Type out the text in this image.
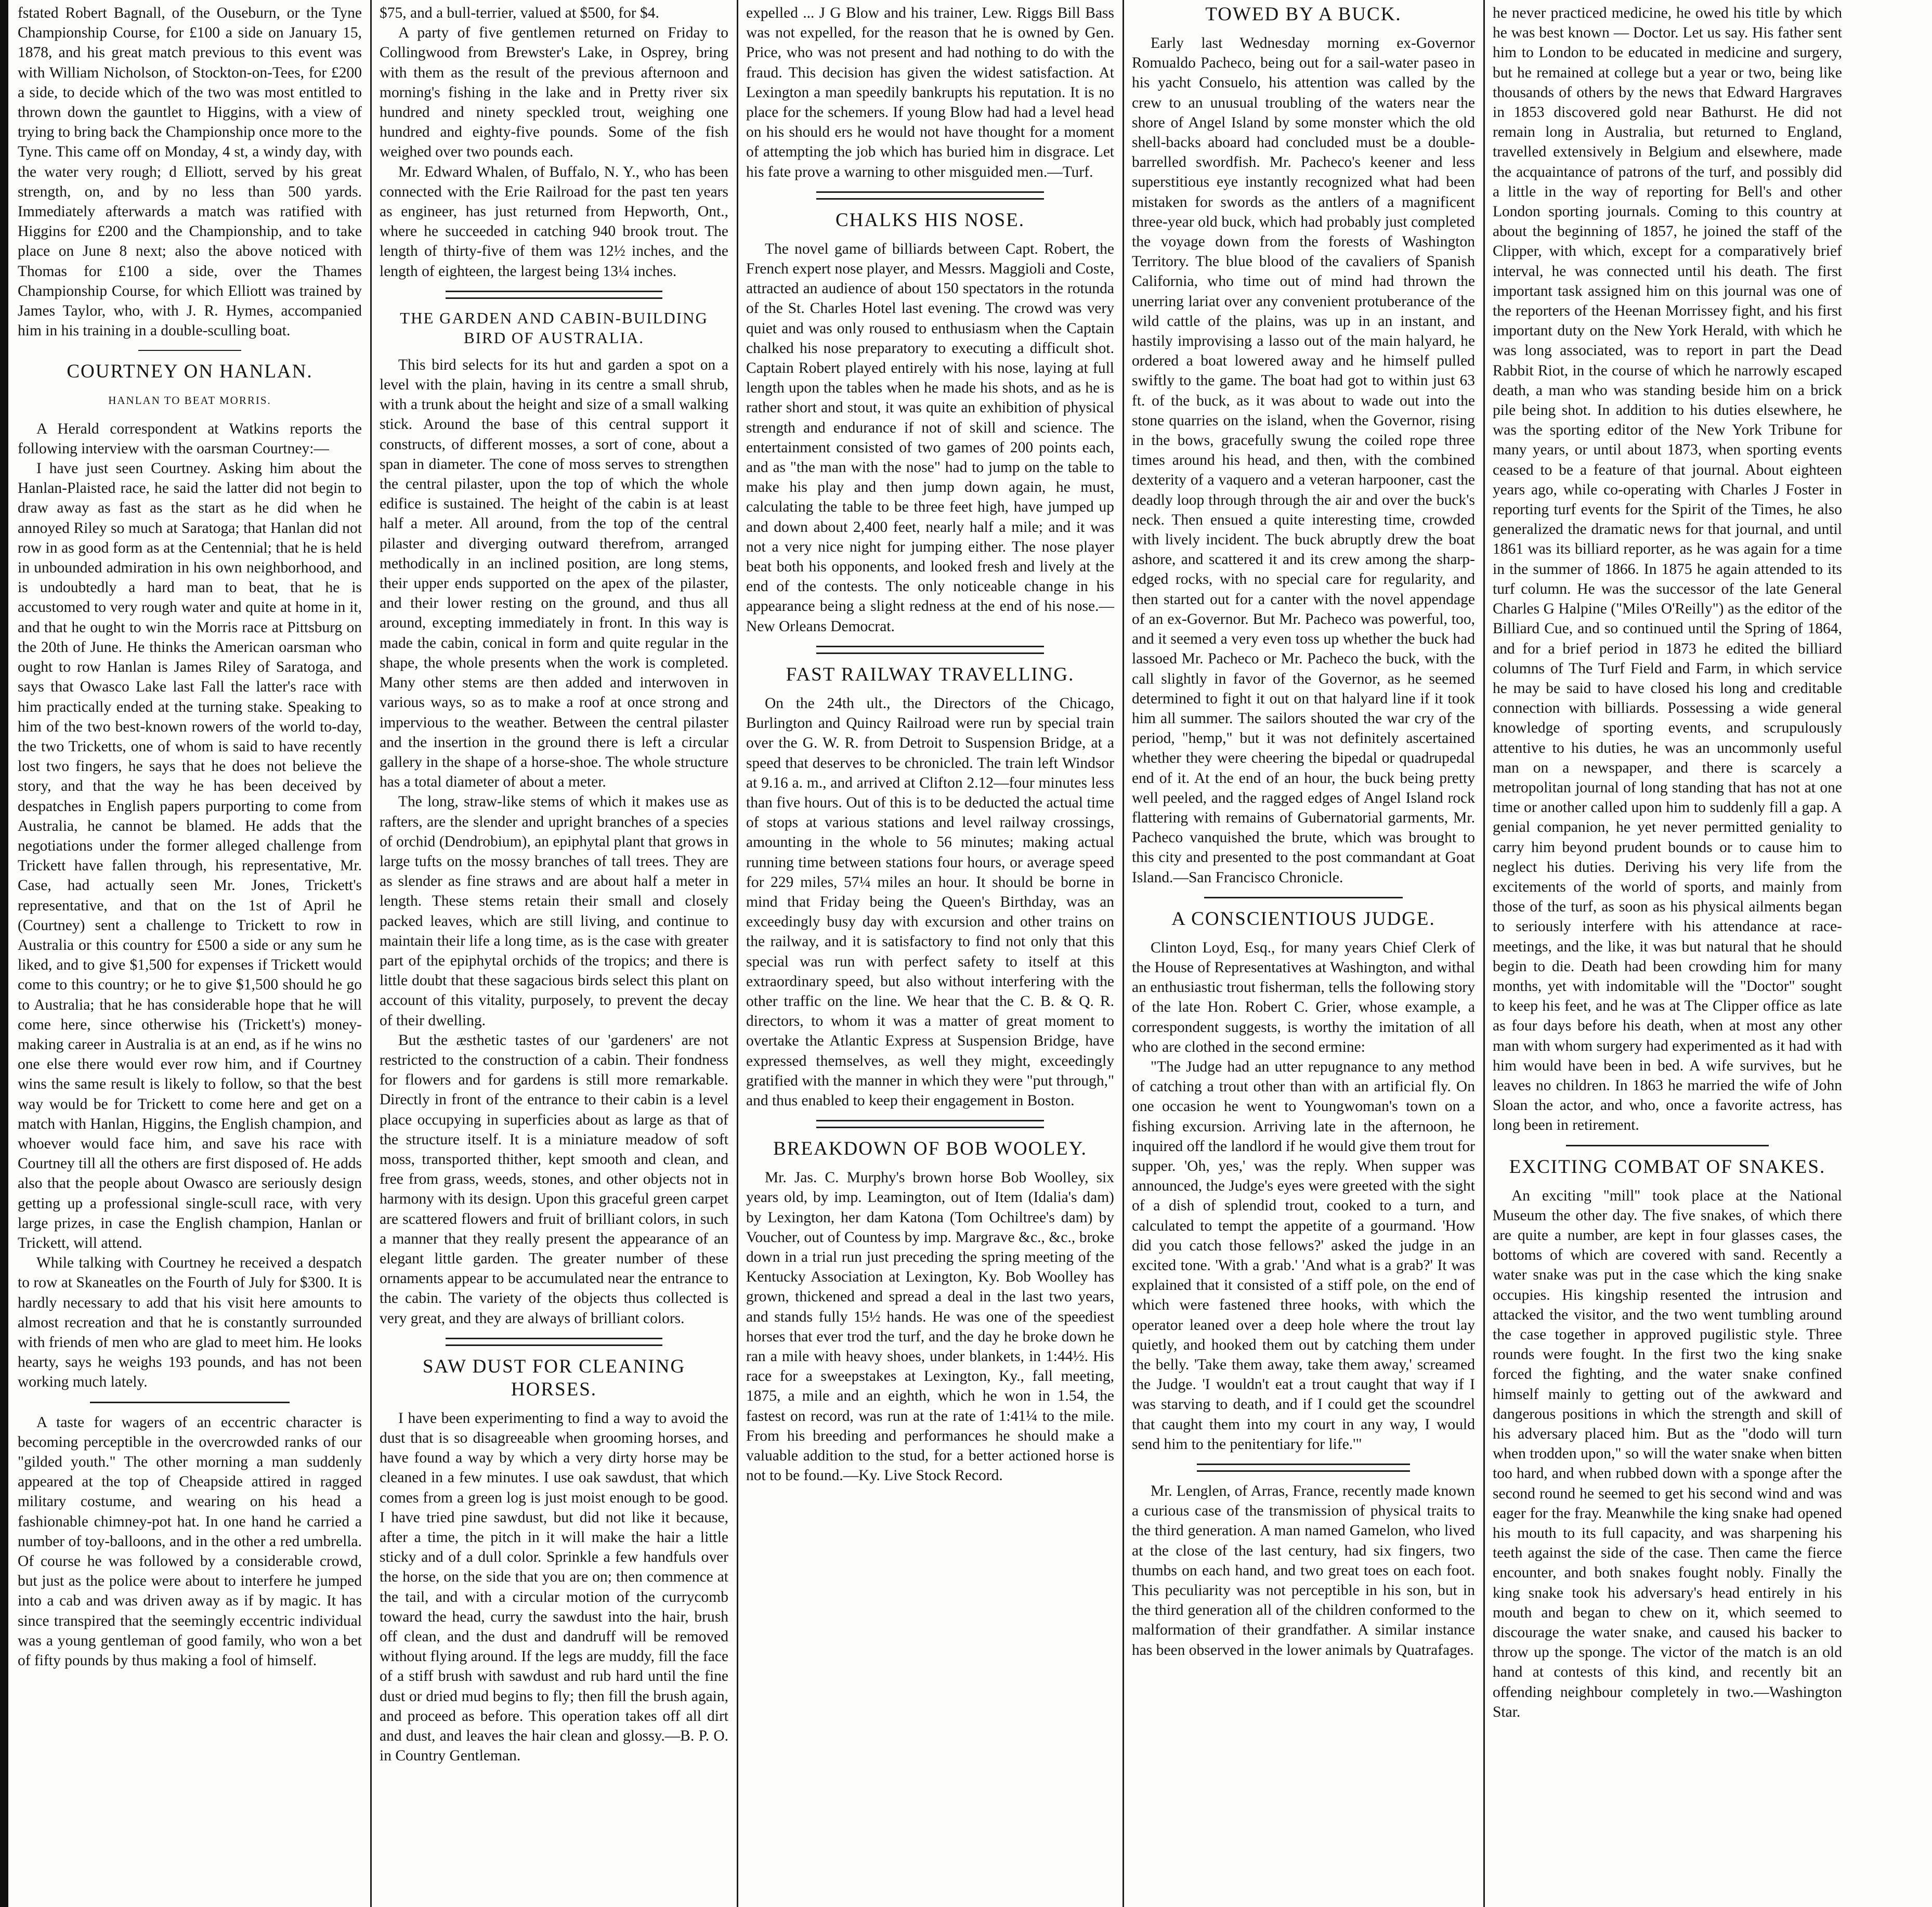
fstated Robert Bagnall, of the Ouseburn, or the Tyne Championship Course, for £100 a side on January 15, 1878, and his great match previous to this event was with William Nicholson, of Stockton-on-Tees, for £200 a side, to decide which of the two was most entitled to thrown down the gauntlet to Higgins, with a view of trying to bring back the Championship once more to the Tyne. This came off on Monday, 4 st, a windy day, with the water very rough; d Elliott, served by his great strength, on, and by no less than 500 yards. Immediately afterwards a match was ratified with Higgins for £200 and the Championship, and to take place on June 8 next; also the above noticed with Thomas for £100 a side, over the Thames Championship Course, for which Elliott was trained by James Taylor, who, with J. R. Hymes, accompanied him in his training in a double-sculling boat.

COURTNEY ON HANLAN.
HANLAN TO BEAT MORRIS.

A Herald correspondent at Watkins reports the following interview with the oarsman Courtney:—

I have just seen Courtney. Asking him about the Hanlan-Plaisted race, he said the latter did not begin to draw away as fast as the start as he did when he annoyed Riley so much at Saratoga; that Hanlan did not row in as good form as at the Centennial; that he is held in unbounded admiration in his own neighborhood, and is undoubtedly a hard man to beat, that he is accustomed to very rough water and quite at home in it, and that he ought to win the Morris race at Pittsburg on the 20th of June. He thinks the American oarsman who ought to row Hanlan is James Riley of Saratoga, and says that Owasco Lake last Fall the latter's race with him practically ended at the turning stake. Speaking to him of the two best-known rowers of the world to-day, the two Tricketts, one of whom is said to have recently lost two fingers, he says that he does not believe the story, and that the way he has been deceived by despatches in English papers purporting to come from Australia, he cannot be blamed. He adds that the negotiations under the former alleged challenge from Trickett have fallen through, his representative, Mr. Case, had actually seen Mr. Jones, Trickett's representative, and that on the 1st of April he (Courtney) sent a challenge to Trickett to row in Australia or this country for £500 a side or any sum he liked, and to give $1,500 for expenses if Trickett would come to this country; or he to give $1,500 should he go to Australia; that he has considerable hope that he will come here, since otherwise his (Trickett's) money-making career in Australia is at an end, as if he wins no one else there would ever row him, and if Courtney wins the same result is likely to follow, so that the best way would be for Trickett to come here and get on a match with Hanlan, Higgins, the English champion, and whoever would face him, and save his race with Courtney till all the others are first disposed of. He adds also that the people about Owasco are seriously design getting up a professional single-scull race, with very large prizes, in case the English champion, Hanlan or Trickett, will attend.

While talking with Courtney he received a despatch to row at Skaneatles on the Fourth of July for $300. It is hardly necessary to add that his visit here amounts to almost recreation and that he is constantly surrounded with friends of men who are glad to meet him. He looks hearty, says he weighs 193 pounds, and has not been working much lately.

A taste for wagers of an eccentric character is becoming perceptible in the overcrowded ranks of our "gilded youth." The other morning a man suddenly appeared at the top of Cheapside attired in ragged military costume, and wearing on his head a fashionable chimney-pot hat. In one hand he carried a number of toy-balloons, and in the other a red umbrella. Of course he was followed by a considerable crowd, but just as the police were about to interfere he jumped into a cab and was driven away as if by magic. It has since transpired that the seemingly eccentric individual was a young gentleman of good family, who won a bet of fifty pounds by thus making a fool of himself.

$75, and a bull-terrier, valued at $500, for $4.

A party of five gentlemen returned on Friday to Collingwood from Brewster's Lake, in Osprey, bring with them as the result of the previous afternoon and morning's fishing in the lake and in Pretty river six hundred and ninety speckled trout, weighing one hundred and eighty-five pounds. Some of the fish weighed over two pounds each.

Mr. Edward Whalen, of Buffalo, N. Y., who has been connected with the Erie Railroad for the past ten years as engineer, has just returned from Hepworth, Ont., where he succeeded in catching 940 brook trout. The length of thirty-five of them was 12½ inches, and the length of eighteen, the largest being 13¼ inches.

THE GARDEN AND CABIN-BUILDING BIRD OF AUSTRALIA.

This bird selects for its hut and garden a spot on a level with the plain, having in its centre a small shrub, with a trunk about the height and size of a small walking stick. Around the base of this central support it constructs, of different mosses, a sort of cone, about a span in diameter. The cone of moss serves to strengthen the central pilaster, upon the top of which the whole edifice is sustained. The height of the cabin is at least half a meter. All around, from the top of the central pilaster and diverging outward therefrom, arranged methodically in an inclined position, are long stems, their upper ends supported on the apex of the pilaster, and their lower resting on the ground, and thus all around, excepting immediately in front. In this way is made the cabin, conical in form and quite regular in the shape, the whole presents when the work is completed. Many other stems are then added and interwoven in various ways, so as to make a roof at once strong and impervious to the weather. Between the central pilaster and the insertion in the ground there is left a circular gallery in the shape of a horse-shoe. The whole structure has a total diameter of about a meter.

The long, straw-like stems of which it makes use as rafters, are the slender and upright branches of a species of orchid (Dendrobium), an epiphytal plant that grows in large tufts on the mossy branches of tall trees. They are as slender as fine straws and are about half a meter in length. These stems retain their small and closely packed leaves, which are still living, and continue to maintain their life a long time, as is the case with greater part of the epiphytal orchids of the tropics; and there is little doubt that these sagacious birds select this plant on account of this vitality, purposely, to prevent the decay of their dwelling.

But the æsthetic tastes of our 'gardeners' are not restricted to the construction of a cabin. Their fondness for flowers and for gardens is still more remarkable. Directly in front of the entrance to their cabin is a level place occupying in superficies about as large as that of the structure itself. It is a miniature meadow of soft moss, transported thither, kept smooth and clean, and free from grass, weeds, stones, and other objects not in harmony with its design. Upon this graceful green carpet are scattered flowers and fruit of brilliant colors, in such a manner that they really present the appearance of an elegant little garden. The greater number of these ornaments appear to be accumulated near the entrance to the cabin. The variety of the objects thus collected is very great, and they are always of brilliant colors.

SAW DUST FOR CLEANING HORSES.

I have been experimenting to find a way to avoid the dust that is so disagreeable when grooming horses, and have found a way by which a very dirty horse may be cleaned in a few minutes. I use oak sawdust, that which comes from a green log is just moist enough to be good. I have tried pine sawdust, but did not like it because, after a time, the pitch in it will make the hair a little sticky and of a dull color. Sprinkle a few handfuls over the horse, on the side that you are on; then commence at the tail, and with a circular motion of the currycomb toward the head, curry the sawdust into the hair, brush off clean, and the dust and dandruff will be removed without flying around. If the legs are muddy, fill the face of a stiff brush with sawdust and rub hard until the fine dust or dried mud begins to fly; then fill the brush again, and proceed as before. This operation takes off all dirt and dust, and leaves the hair clean and glossy.—B. P. O. in Country Gentleman.

expelled ... J G Blow and his trainer, Lew. Riggs Bill Bass was not expelled, for the reason that he is owned by Gen. Price, who was not present and had nothing to do with the fraud. This decision has given the widest satisfaction. At Lexington a man speedily bankrupts his reputation. It is no place for the schemers. If young Blow had had a level head on his should ers he would not have thought for a moment of attempting the job which has buried him in disgrace. Let his fate prove a warning to other misguided men.—Turf.

CHALKS HIS NOSE.

The novel game of billiards between Capt. Robert, the French expert nose player, and Messrs. Maggioli and Coste, attracted an audience of about 150 spectators in the rotunda of the St. Charles Hotel last evening. The crowd was very quiet and was only roused to enthusiasm when the Captain chalked his nose preparatory to executing a difficult shot. Captain Robert played entirely with his nose, laying at full length upon the tables when he made his shots, and as he is rather short and stout, it was quite an exhibition of physical strength and endurance if not of skill and science. The entertainment consisted of two games of 200 points each, and as "the man with the nose" had to jump on the table to make his play and then jump down again, he must, calculating the table to be three feet high, have jumped up and down about 2,400 feet, nearly half a mile; and it was not a very nice night for jumping either. The nose player beat both his opponents, and looked fresh and lively at the end of the contests. The only noticeable change in his appearance being a slight redness at the end of his nose.—New Orleans Democrat.

FAST RAILWAY TRAVELLING.

On the 24th ult., the Directors of the Chicago, Burlington and Quincy Railroad were run by special train over the G. W. R. from Detroit to Suspension Bridge, at a speed that deserves to be chronicled. The train left Windsor at 9.16 a. m., and arrived at Clifton 2.12—four minutes less than five hours. Out of this is to be deducted the actual time of stops at various stations and level railway crossings, amounting in the whole to 56 minutes; making actual running time between stations four hours, or average speed for 229 miles, 57¼ miles an hour. It should be borne in mind that Friday being the Queen's Birthday, was an exceedingly busy day with excursion and other trains on the railway, and it is satisfactory to find not only that this special was run with perfect safety to itself at this extraordinary speed, but also without interfering with the other traffic on the line. We hear that the C. B. & Q. R. directors, to whom it was a matter of great moment to overtake the Atlantic Express at Suspension Bridge, have expressed themselves, as well they might, exceedingly gratified with the manner in which they were "put through," and thus enabled to keep their engagement in Boston.

BREAKDOWN OF BOB WOOLEY.

Mr. Jas. C. Murphy's brown horse Bob Woolley, six years old, by imp. Leamington, out of Item (Idalia's dam) by Lexington, her dam Katona (Tom Ochiltree's dam) by Voucher, out of Countess by imp. Margrave &c., &c., broke down in a trial run just preceding the spring meeting of the Kentucky Association at Lexington, Ky. Bob Woolley has grown, thickened and spread a deal in the last two years, and stands fully 15½ hands. He was one of the speediest horses that ever trod the turf, and the day he broke down he ran a mile with heavy shoes, under blankets, in 1:44½. His race for a sweepstakes at Lexington, Ky., fall meeting, 1875, a mile and an eighth, which he won in 1.54, the fastest on record, was run at the rate of 1:41¼ to the mile. From his breeding and performances he should make a valuable addition to the stud, for a better actioned horse is not to be found.—Ky. Live Stock Record.

TOWED BY A BUCK.

Early last Wednesday morning ex-Governor Romualdo Pacheco, being out for a sail-water paseo in his yacht Consuelo, his attention was called by the crew to an unusual troubling of the waters near the shore of Angel Island by some monster which the old shell-backs aboard had concluded must be a double-barrelled swordfish. Mr. Pacheco's keener and less superstitious eye instantly recognized what had been mistaken for swords as the antlers of a magnificent three-year old buck, which had probably just completed the voyage down from the forests of Washington Territory. The blue blood of the cavaliers of Spanish California, who time out of mind had thrown the unerring lariat over any convenient protuberance of the wild cattle of the plains, was up in an instant, and hastily improvising a lasso out of the main halyard, he ordered a boat lowered away and he himself pulled swiftly to the game. The boat had got to within just 63 ft. of the buck, as it was about to wade out into the stone quarries on the island, when the Governor, rising in the bows, gracefully swung the coiled rope three times around his head, and then, with the combined dexterity of a vaquero and a veteran harpooner, cast the deadly loop through through the air and over the buck's neck. Then ensued a quite interesting time, crowded with lively incident. The buck abruptly drew the boat ashore, and scattered it and its crew among the sharp-edged rocks, with no special care for regularity, and then started out for a canter with the novel appendage of an ex-Governor. But Mr. Pacheco was powerful, too, and it seemed a very even toss up whether the buck had lassoed Mr. Pacheco or Mr. Pacheco the buck, with the call slightly in favor of the Governor, as he seemed determined to fight it out on that halyard line if it took him all summer. The sailors shouted the war cry of the period, "hemp," but it was not definitely ascertained whether they were cheering the bipedal or quadrupedal end of it. At the end of an hour, the buck being pretty well peeled, and the ragged edges of Angel Island rock flattering with remains of Gubernatorial garments, Mr. Pacheco vanquished the brute, which was brought to this city and presented to the post commandant at Goat Island.—San Francisco Chronicle.

A CONSCIENTIOUS JUDGE.

Clinton Loyd, Esq., for many years Chief Clerk of the House of Representatives at Washington, and withal an enthusiastic trout fisherman, tells the following story of the late Hon. Robert C. Grier, whose example, a correspondent suggests, is worthy the imitation of all who are clothed in the second ermine:

"The Judge had an utter repugnance to any method of catching a trout other than with an artificial fly. On one occasion he went to Youngwoman's town on a fishing excursion. Arriving late in the afternoon, he inquired off the landlord if he would give them trout for supper. 'Oh, yes,' was the reply. When supper was announced, the Judge's eyes were greeted with the sight of a dish of splendid trout, cooked to a turn, and calculated to tempt the appetite of a gourmand. 'How did you catch those fellows?' asked the judge in an excited tone. 'With a grab.' 'And what is a grab?' It was explained that it consisted of a stiff pole, on the end of which were fastened three hooks, with which the operator leaned over a deep hole where the trout lay quietly, and hooked them out by catching them under the belly. 'Take them away, take them away,' screamed the Judge. 'I wouldn't eat a trout caught that way if I was starving to death, and if I could get the scoundrel that caught them into my court in any way, I would send him to the penitentiary for life.'"

Mr. Lenglen, of Arras, France, recently made known a curious case of the transmission of physical traits to the third generation. A man named Gamelon, who lived at the close of the last century, had six fingers, two thumbs on each hand, and two great toes on each foot. This peculiarity was not perceptible in his son, but in the third generation all of the children conformed to the malformation of their grandfather. A similar instance has been observed in the lower animals by Quatrafages.

he never practiced medicine, he owed his title by which he was best known — Doctor. Let us say. His father sent him to London to be educated in medicine and surgery, but he remained at college but a year or two, being like thousands of others by the news that Edward Hargraves in 1853 discovered gold near Bathurst. He did not remain long in Australia, but returned to England, travelled extensively in Belgium and elsewhere, made the acquaintance of patrons of the turf, and possibly did a little in the way of reporting for Bell's and other London sporting journals. Coming to this country at about the beginning of 1857, he joined the staff of the Clipper, with which, except for a comparatively brief interval, he was connected until his death. The first important task assigned him on this journal was one of the reporters of the Heenan Morrissey fight, and his first important duty on the New York Herald, with which he was long associated, was to report in part the Dead Rabbit Riot, in the course of which he narrowly escaped death, a man who was standing beside him on a brick pile being shot. In addition to his duties elsewhere, he was the sporting editor of the New York Tribune for many years, or until about 1873, when sporting events ceased to be a feature of that journal. About eighteen years ago, while co-operating with Charles J Foster in reporting turf events for the Spirit of the Times, he also generalized the dramatic news for that journal, and until 1861 was its billiard reporter, as he was again for a time in the summer of 1866. In 1875 he again attended to its turf column. He was the successor of the late General Charles G Halpine ("Miles O'Reilly") as the editor of the Billiard Cue, and so continued until the Spring of 1864, and for a brief period in 1873 he edited the billiard columns of The Turf Field and Farm, in which service he may be said to have closed his long and creditable connection with billiards. Possessing a wide general knowledge of sporting events, and scrupulously attentive to his duties, he was an uncommonly useful man on a newspaper, and there is scarcely a metropolitan journal of long standing that has not at one time or another called upon him to suddenly fill a gap. A genial companion, he yet never permitted geniality to carry him beyond prudent bounds or to cause him to neglect his duties. Deriving his very life from the excitements of the world of sports, and mainly from those of the turf, as soon as his physical ailments began to seriously interfere with his attendance at race-meetings, and the like, it was but natural that he should begin to die. Death had been crowding him for many months, yet with indomitable will the "Doctor" sought to keep his feet, and he was at The Clipper office as late as four days before his death, when at most any other man with whom surgery had experimented as it had with him would have been in bed. A wife survives, but he leaves no children. In 1863 he married the wife of John Sloan the actor, and who, once a favorite actress, has long been in retirement.

EXCITING COMBAT OF SNAKES.

An exciting "mill" took place at the National Museum the other day. The five snakes, of which there are quite a number, are kept in four glasses cases, the bottoms of which are covered with sand. Recently a water snake was put in the case which the king snake occupies. His kingship resented the intrusion and attacked the visitor, and the two went tumbling around the case together in approved pugilistic style. Three rounds were fought. In the first two the king snake forced the fighting, and the water snake confined himself mainly to getting out of the awkward and dangerous positions in which the strength and skill of his adversary placed him. But as the "dodo will turn when trodden upon," so will the water snake when bitten too hard, and when rubbed down with a sponge after the second round he seemed to get his second wind and was eager for the fray. Meanwhile the king snake had opened his mouth to its full capacity, and was sharpening his teeth against the side of the case. Then came the fierce encounter, and both snakes fought nobly. Finally the king snake took his adversary's head entirely in his mouth and began to chew on it, which seemed to discourage the water snake, and caused his backer to throw up the sponge. The victor of the match is an old hand at contests of this kind, and recently bit an offending neighbour completely in two.—Washington Star.
